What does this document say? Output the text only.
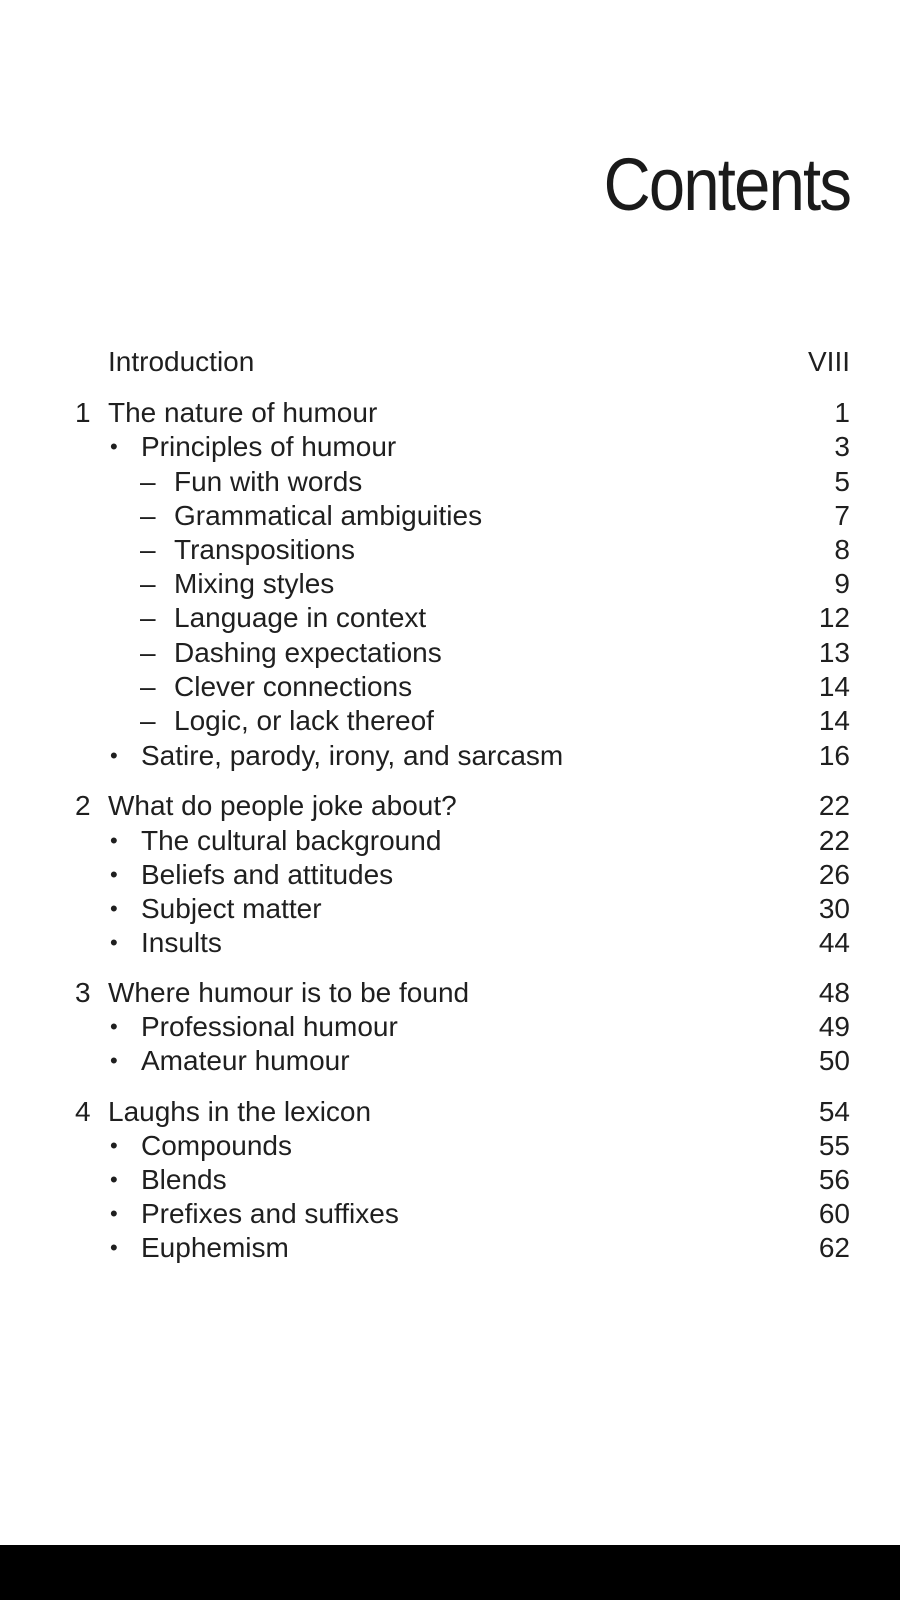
Contents
Introduction	VIII
1 The nature of humour	1
• Principles of humour	3
– Fun with words	5
– Grammatical ambiguities	7
– Transpositions	8
– Mixing styles	9
– Language in context	12
– Dashing expectations	13
– Clever connections	14
– Logic, or lack thereof	14
• Satire, parody, irony, and sarcasm	16
2 What do people joke about?	22
• The cultural background	22
• Beliefs and attitudes	26
• Subject matter	30
• Insults	44
3 Where humour is to be found	48
• Professional humour	49
• Amateur humour	50
4 Laughs in the lexicon	54
• Compounds	55
• Blends	56
• Prefixes and suffixes	60
• Euphemism	62
